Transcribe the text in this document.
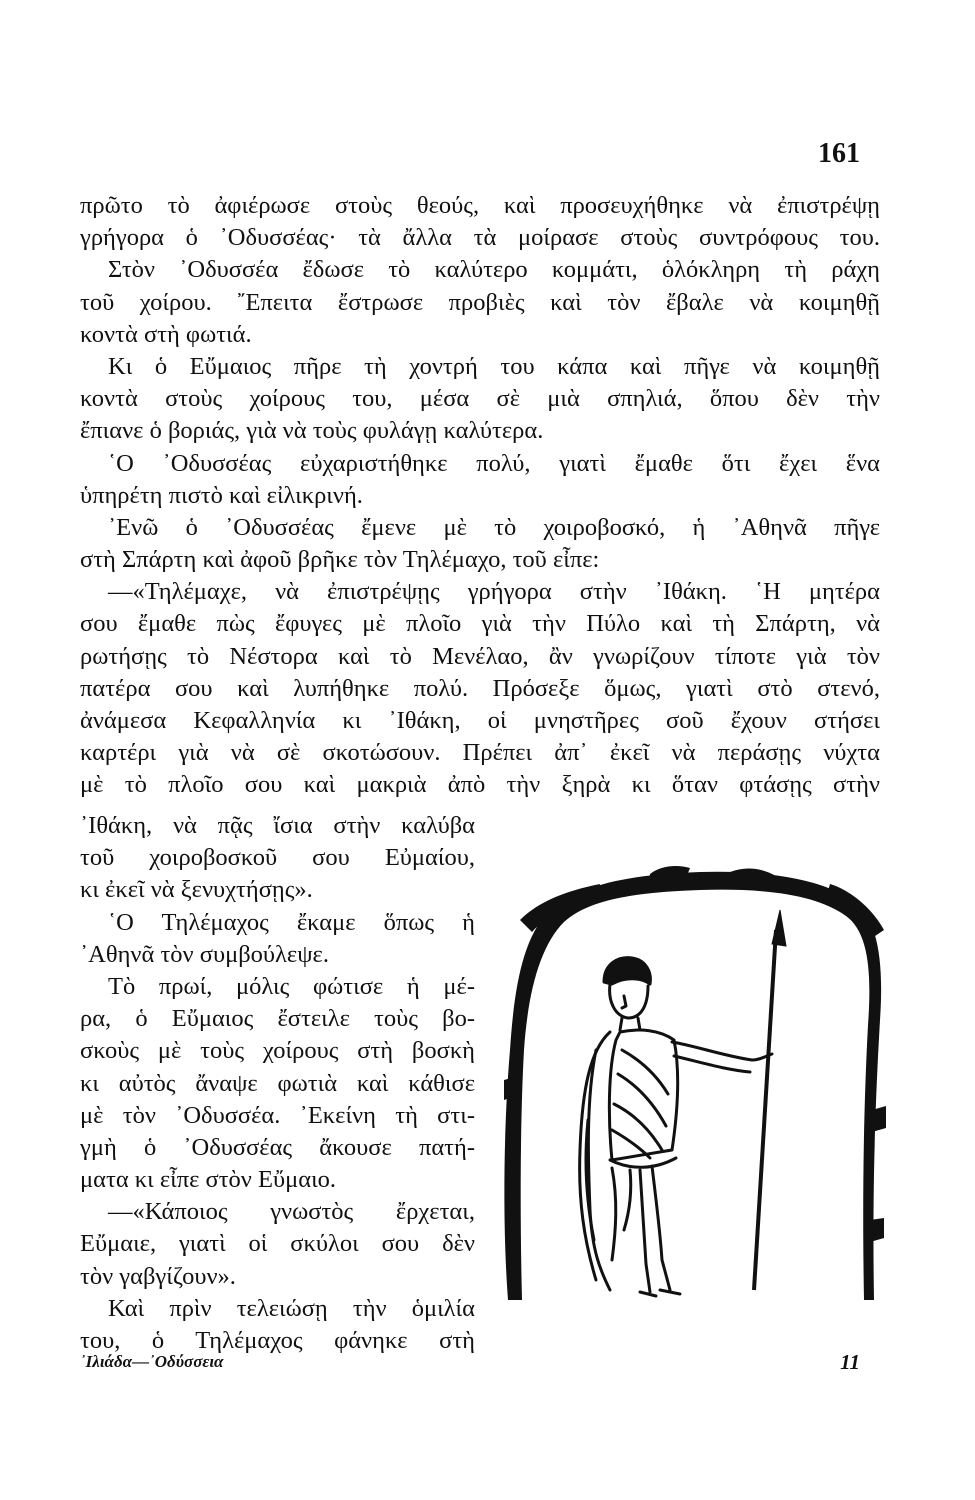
161
πρῶτο τὸ ἀφιέρωσε στοὺς θεούς, καὶ προσευχήθηκε νὰ ἐπιστρέψῃ
γρήγορα ὁ ᾿Οδυσσέας· τὰ ἄλλα τὰ μοίρασε στοὺς συντρόφους του.
Στὸν ᾿Οδυσσέα ἔδωσε τὸ καλύτερο κομμάτι, ὁλόκληρη τὴ ράχη
τοῦ χοίρου. ῎Επειτα ἔστρωσε προβιὲς καὶ τὸν ἔβαλε νὰ κοιμηθῇ
κοντὰ στὴ φωτιά.
Κι ὁ Εὔμαιος πῆρε τὴ χοντρή του κάπα καὶ πῆγε νὰ κοιμηθῇ
κοντὰ στοὺς χοίρους του, μέσα σὲ μιὰ σπηλιά, ὅπου δὲν τὴν
ἔπιανε ὁ βοριάς, γιὰ νὰ τοὺς φυλάγῃ καλύτερα.
῾Ο ᾿Οδυσσέας εὐχαριστήθηκε πολύ, γιατὶ ἔμαθε ὅτι ἔχει ἕνα
ὑπηρέτη πιστὸ καὶ εἰλικρινή.
᾿Ενῶ ὁ ᾿Οδυσσέας ἔμενε μὲ τὸ χοιροβοσκό, ἡ ᾿Αθηνᾶ πῆγε
στὴ Σπάρτη καὶ ἀφοῦ βρῆκε τὸν Τηλέμαχο, τοῦ εἶπε:
—«Τηλέμαχε, νὰ ἐπιστρέψῃς γρήγορα στὴν ᾿Ιθάκη. ῾Η μητέρα
σου ἔμαθε πὼς ἔφυγες μὲ πλοῖο γιὰ τὴν Πύλο καὶ τὴ Σπάρτη, νὰ
ρωτήσῃς τὸ Νέστορα καὶ τὸ Μενέλαο, ἂν γνωρίζουν τίποτε γιὰ τὸν
πατέρα σου καὶ λυπήθηκε πολύ. Πρόσεξε ὅμως, γιατὶ στὸ στενό,
ἀνάμεσα Κεφαλληνία κι ᾿Ιθάκη, οἱ μνηστῆρες σοῦ ἔχουν στήσει
καρτέρι γιὰ νὰ σὲ σκοτώσουν. Πρέπει ἀπ᾿ ἐκεῖ νὰ περάσῃς νύχτα
μὲ τὸ πλοῖο σου καὶ μακριὰ ἀπὸ τὴν ξηρὰ κι ὅταν φτάσῃς στὴν
᾿Ιθάκη, νὰ πᾷς ἴσια στὴν καλύβα
τοῦ χοιροβοσκοῦ σου Εὐμαίου,
κι ἐκεῖ νὰ ξενυχτήσῃς».
῾Ο Τηλέμαχος ἔκαμε ὅπως ἡ
᾿Αθηνᾶ τὸν συμβούλεψε.
Τὸ πρωί, μόλις φώτισε ἡ μέ-
ρα, ὁ Εὔμαιος ἔστειλε τοὺς βο-
σκοὺς μὲ τοὺς χοίρους στὴ βοσκὴ
κι αὐτὸς ἄναψε φωτιὰ καὶ κάθισε
μὲ τὸν ᾿Οδυσσέα. ᾿Εκείνη τὴ στι-
γμὴ ὁ ᾿Οδυσσέας ἄκουσε πατή-
ματα κι εἶπε στὸν Εὔμαιο.
—«Κάποιος γνωστὸς ἔρχεται,
Εὔμαιε, γιατὶ οἱ σκύλοι σου δὲν
τὸν γαβγίζουν».
Καὶ πρὶν τελειώσῃ τὴν ὁμιλία
του, ὁ Τηλέμαχος φάνηκε στὴ
᾿Ιλιάδα—᾿Οδύσσεια	11
